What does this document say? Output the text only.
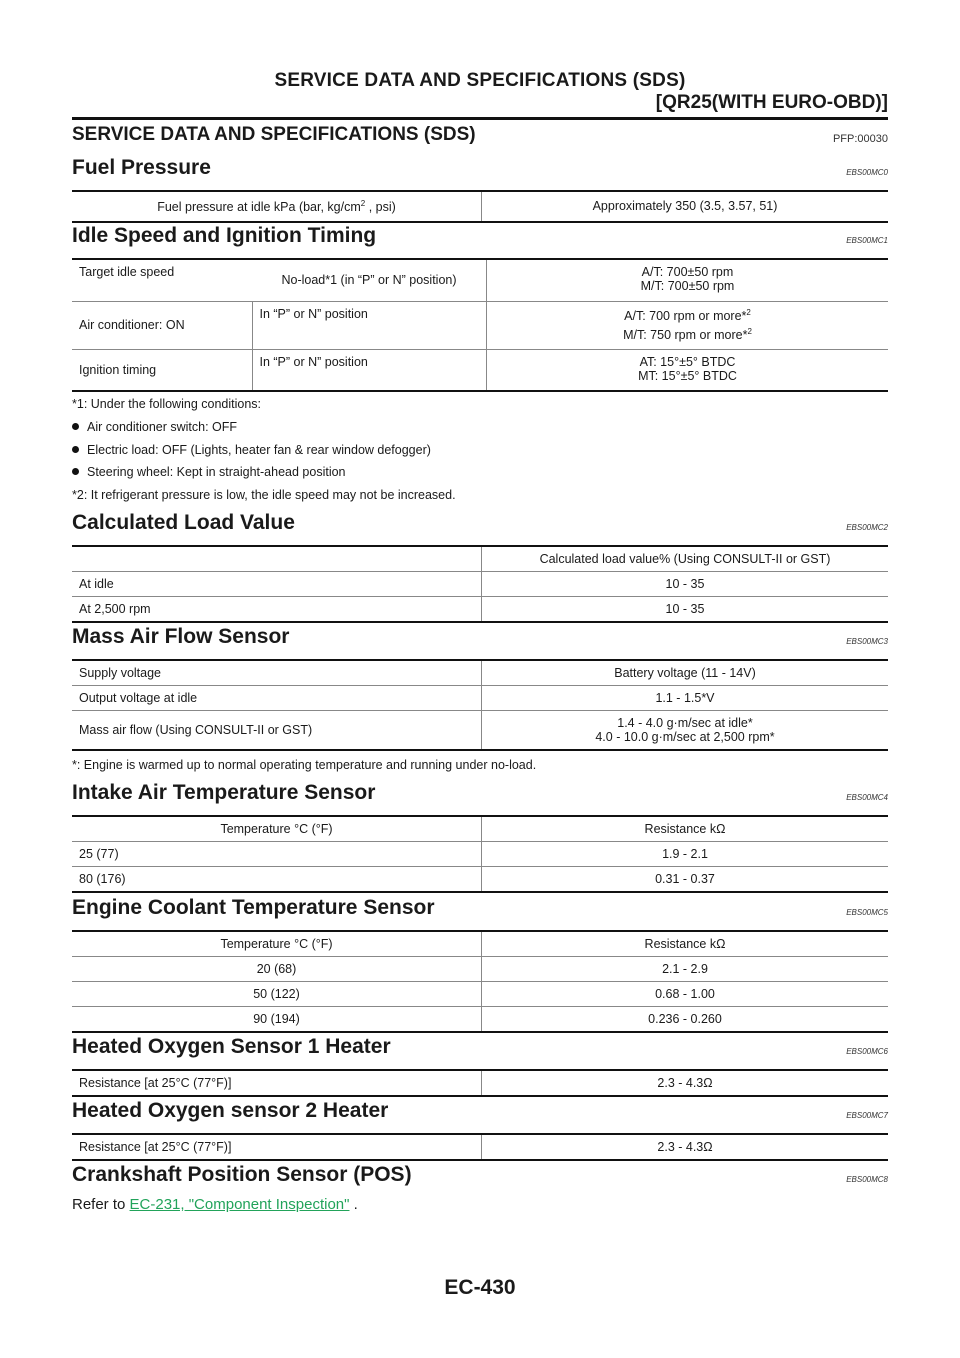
SERVICE DATA AND SPECIFICATIONS (SDS)
[QR25(WITH EURO-OBD)]
SERVICE DATA AND SPECIFICATIONS (SDS)	PFP:00030
Fuel Pressure	EBS00MC0
Fuel pressure at idle kPa (bar, $kg/cm^2$ , psi)	Approximately 350 (3.5, 3.57, 51)
Idle Speed and Ignition Timing	EBS00MC1
Target idle speed	No-load*1 (in “P” or N” position)	A/T: 700±50 rpm
M/T: 700±50 rpm

Air conditioner: ON	In “P” or N” position	A/T: 700 rpm or more*$^2$
M/T: 750 rpm or more*$^2$

Ignition timing	In “P” or N” position	AT: 15°±5° BTDC
MT: 15°±5° BTDC
*1: Under the following conditions:
Air conditioner switch: OFF
Electric load: OFF (Lights, heater fan & rear window defogger)
Steering wheel: Kept in straight-ahead position
*2: It refrigerant pressure is low, the idle speed may not be increased.
Calculated Load Value	EBS00MC2
	Calculated load value% (Using CONSULT-II or GST)
At idle	10 - 35
At 2,500 rpm	10 - 35
Mass Air Flow Sensor	EBS00MC3
Supply voltage	Battery voltage (11 - 14V)
Output voltage at idle	1.1 - 1.5*V
Mass air flow (Using CONSULT-II or GST)	1.4 - 4.0 g·m/sec at idle*
4.0 - 10.0 g·m/sec at 2,500 rpm*
*: Engine is warmed up to normal operating temperature and running under no-load.
Intake Air Temperature Sensor	EBS00MC4
Temperature °C (°F)	Resistance kΩ
25 (77)	1.9 - 2.1
80 (176)	0.31 - 0.37
Engine Coolant Temperature Sensor	EBS00MC5
Temperature °C (°F)	Resistance kΩ
20 (68)	2.1 - 2.9
50 (122)	0.68 - 1.00
90 (194)	0.236 - 0.260
Heated Oxygen Sensor 1 Heater	EBS00MC6
Resistance [at 25°C (77°F)]	2.3 - 4.3Ω
Heated Oxygen sensor 2 Heater	EBS00MC7
Resistance [at 25°C (77°F)]	2.3 - 4.3Ω
Crankshaft Position Sensor (POS)	EBS00MC8
Refer to EC-231, "Component Inspection" .
EC-430
